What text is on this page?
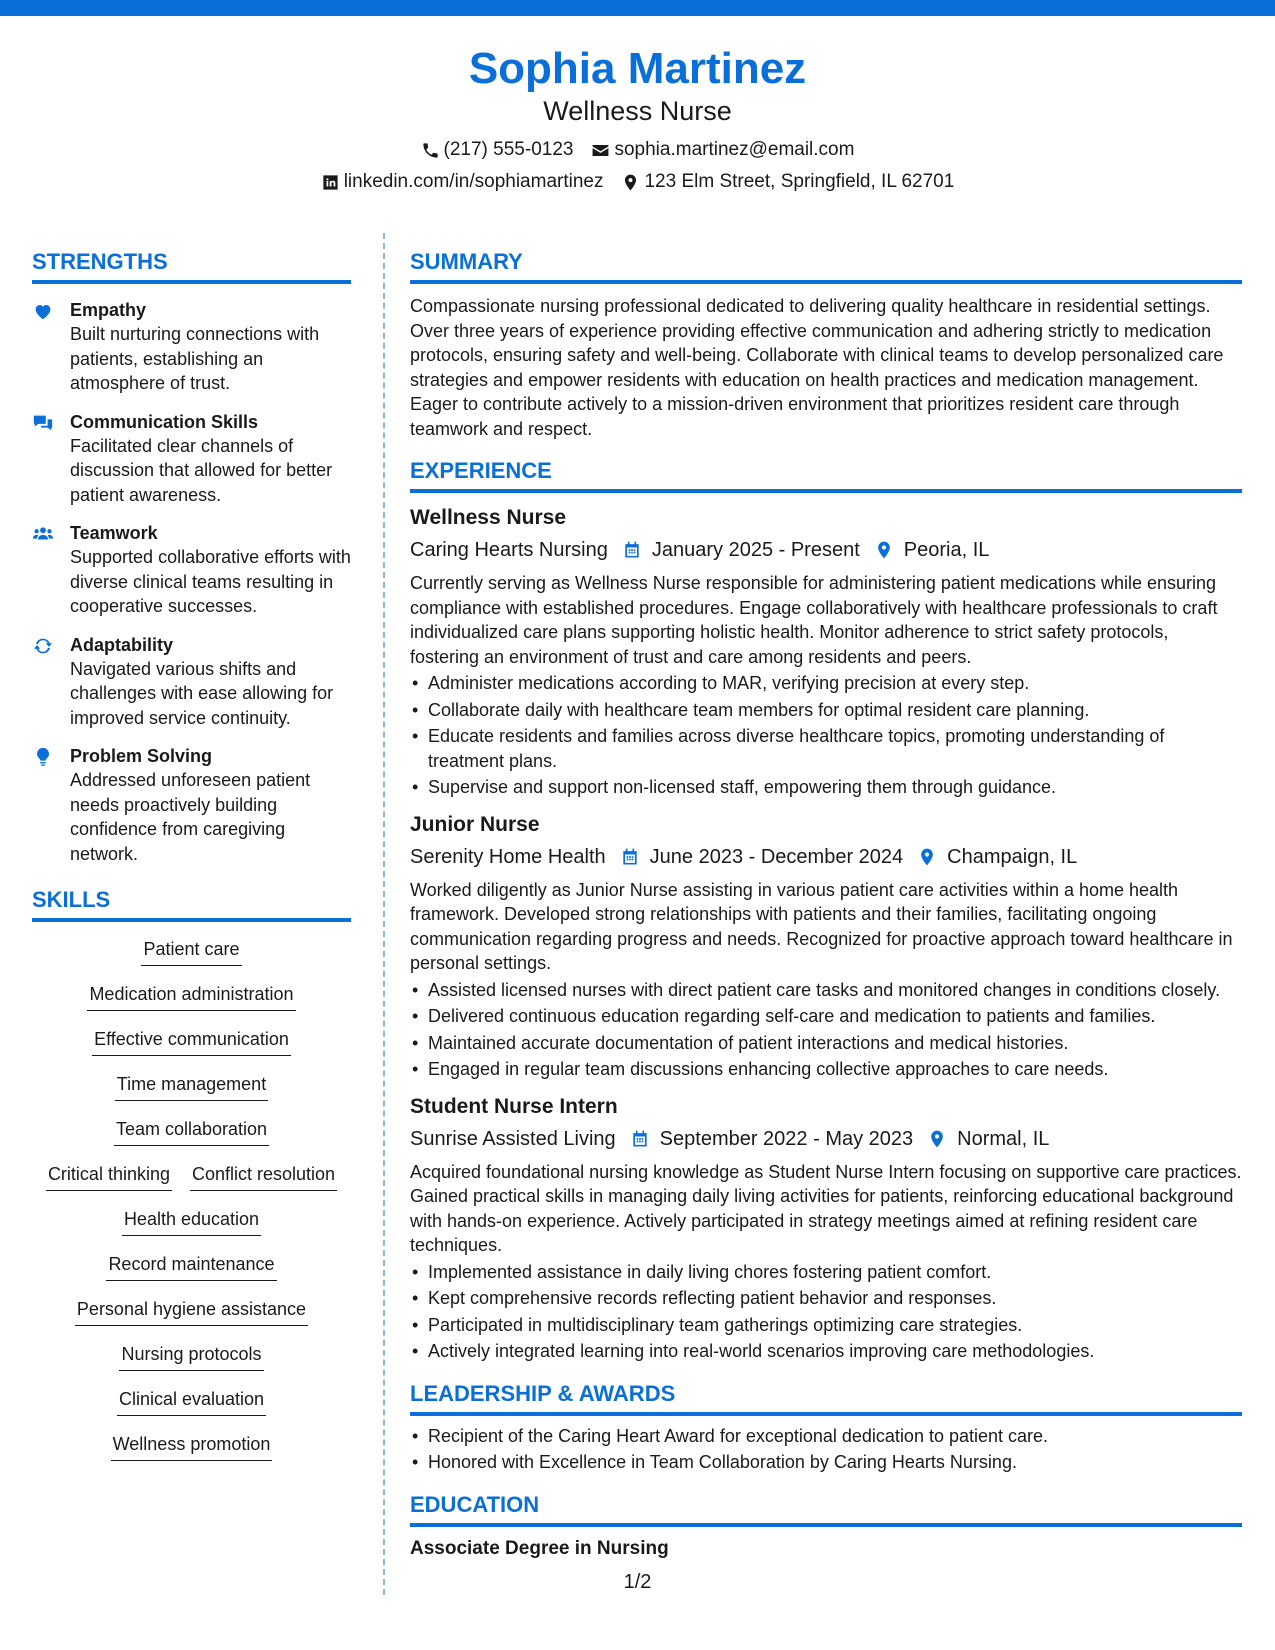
Sophia Martinez
Wellness Nurse
(217) 555-0123 sophia.martinez@email.com
linkedin.com/in/sophiamartinez 123 Elm Street, Springfield, IL 62701
STRENGTHS
Empathy
Built nurturing connections with patients, establishing an atmosphere of trust.
Communication Skills
Facilitated clear channels of discussion that allowed for better patient awareness.
Teamwork
Supported collaborative efforts with diverse clinical teams resulting in cooperative successes.
Adaptability
Navigated various shifts and challenges with ease allowing for improved service continuity.
Problem Solving
Addressed unforeseen patient needs proactively building confidence from caregiving network.
SKILLS
Patient care
Medication administration
Effective communication
Time management
Team collaboration
Critical thinking Conflict resolution
Health education
Record maintenance
Personal hygiene assistance
Nursing protocols
Clinical evaluation
Wellness promotion
SUMMARY
Compassionate nursing professional dedicated to delivering quality healthcare in residential settings. Over three years of experience providing effective communication and adhering strictly to medication protocols, ensuring safety and well-being. Collaborate with clinical teams to develop personalized care strategies and empower residents with education on health practices and medication management. Eager to contribute actively to a mission-driven environment that prioritizes resident care through teamwork and respect.
EXPERIENCE
Wellness Nurse
Caring Hearts Nursing January 2025 - Present Peoria, IL
Currently serving as Wellness Nurse responsible for administering patient medications while ensuring compliance with established procedures. Engage collaboratively with healthcare professionals to craft individualized care plans supporting holistic health. Monitor adherence to strict safety protocols, fostering an environment of trust and care among residents and peers.
• Administer medications according to MAR, verifying precision at every step.
• Collaborate daily with healthcare team members for optimal resident care planning.
• Educate residents and families across diverse healthcare topics, promoting understanding of treatment plans.
• Supervise and support non-licensed staff, empowering them through guidance.
Junior Nurse
Serenity Home Health June 2023 - December 2024 Champaign, IL
Worked diligently as Junior Nurse assisting in various patient care activities within a home health framework. Developed strong relationships with patients and their families, facilitating ongoing communication regarding progress and needs. Recognized for proactive approach toward healthcare in personal settings.
• Assisted licensed nurses with direct patient care tasks and monitored changes in conditions closely.
• Delivered continuous education regarding self-care and medication to patients and families.
• Maintained accurate documentation of patient interactions and medical histories.
• Engaged in regular team discussions enhancing collective approaches to care needs.
Student Nurse Intern
Sunrise Assisted Living September 2022 - May 2023 Normal, IL
Acquired foundational nursing knowledge as Student Nurse Intern focusing on supportive care practices. Gained practical skills in managing daily living activities for patients, reinforcing educational background with hands-on experience. Actively participated in strategy meetings aimed at refining resident care techniques.
• Implemented assistance in daily living chores fostering patient comfort.
• Kept comprehensive records reflecting patient behavior and responses.
• Participated in multidisciplinary team gatherings optimizing care strategies.
• Actively integrated learning into real-world scenarios improving care methodologies.
LEADERSHIP & AWARDS
• Recipient of the Caring Heart Award for exceptional dedication to patient care.
• Honored with Excellence in Team Collaboration by Caring Hearts Nursing.
EDUCATION
Associate Degree in Nursing
1/2
